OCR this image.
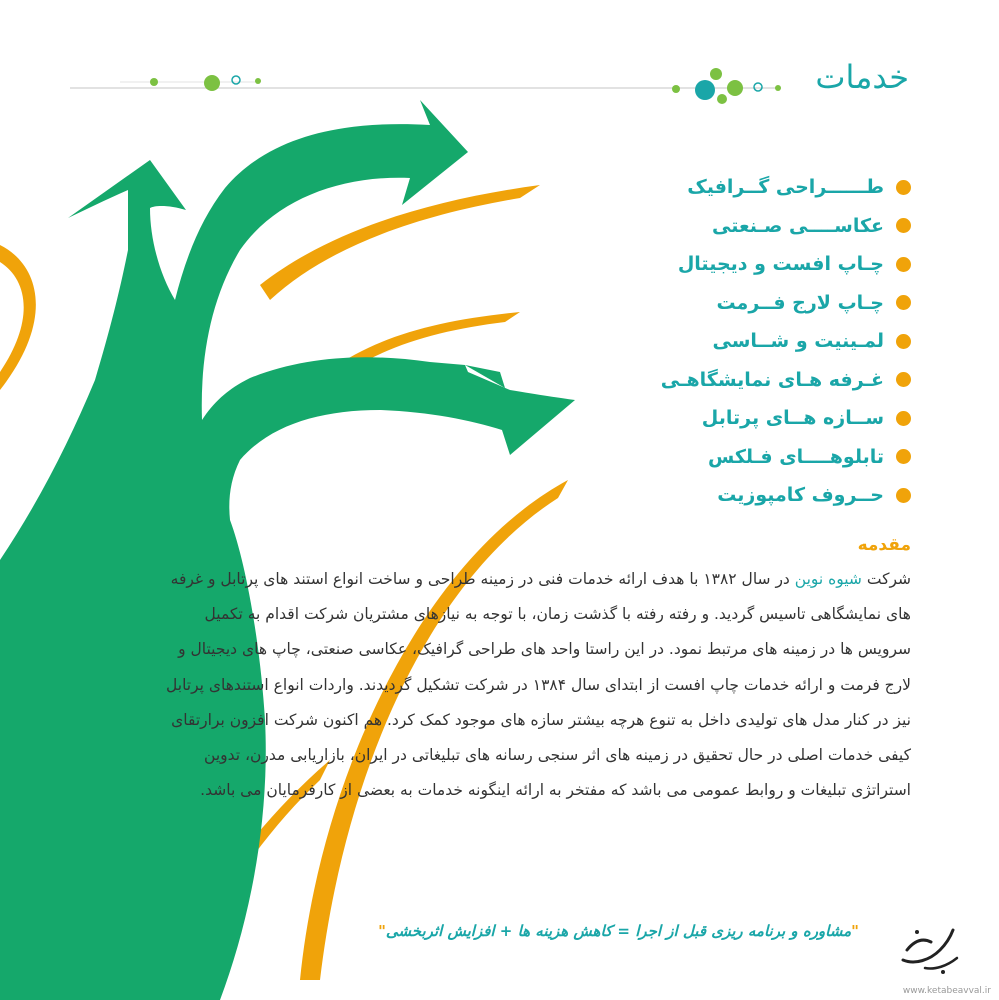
خدمات
طــــــراحی گــرافیک
عکاســــی صـنعتی
چـاپ افست و دیجیتال
چـاپ لارج فــرمت
لمـینیت و شــاسی
غـرفه هـای نمایشگاهـی
ســازه هــای پرتابل
تابلوهــــای فـلکس
حــروف کامپوزیت
مقدمه

شرکت شیوه نوین در سال ۱۳۸۲ با هدف ارائه خدمات فنی در زمینه طراحی و ساخت انواع استند های پرتابل و غرفه های نمایشگاهی تاسیس گردید. و رفته رفته با گذشت زمان، با توجه به نیازهای مشتریان شرکت اقدام به تکمیل سرویس ها در زمینه های مرتبط نمود. در این راستا واحد های طراحی گرافیک، عکاسی صنعتی، چاپ های دیجیتال و لارج فرمت و ارائه خدمات چاپ افست از ابتدای سال ۱۳۸۴ در شرکت تشکیل گردیدند. واردات انواع استندهای پرتابل نیز در کنار مدل های تولیدی داخل به تنوع هرچه بیشتر سازه های موجود کمک کرد. هم اکنون شرکت افزون برارتقای کیفی خدمات اصلی در حال تحقیق در زمینه های اثر سنجی رسانه های تبلیغاتی در ایران، بازاریابی مدرن، تدوین استراتژی تبلیغات و روابط عمومی می باشد که مفتخر به ارائه اینگونه خدمات به بعضی از کارفرمایان می باشد.

"مشاوره و برنامه ریزی قبل از اجرا = کاهش هزینه ها + افزایش اثربخشی"
www.ketabeavval.ir
